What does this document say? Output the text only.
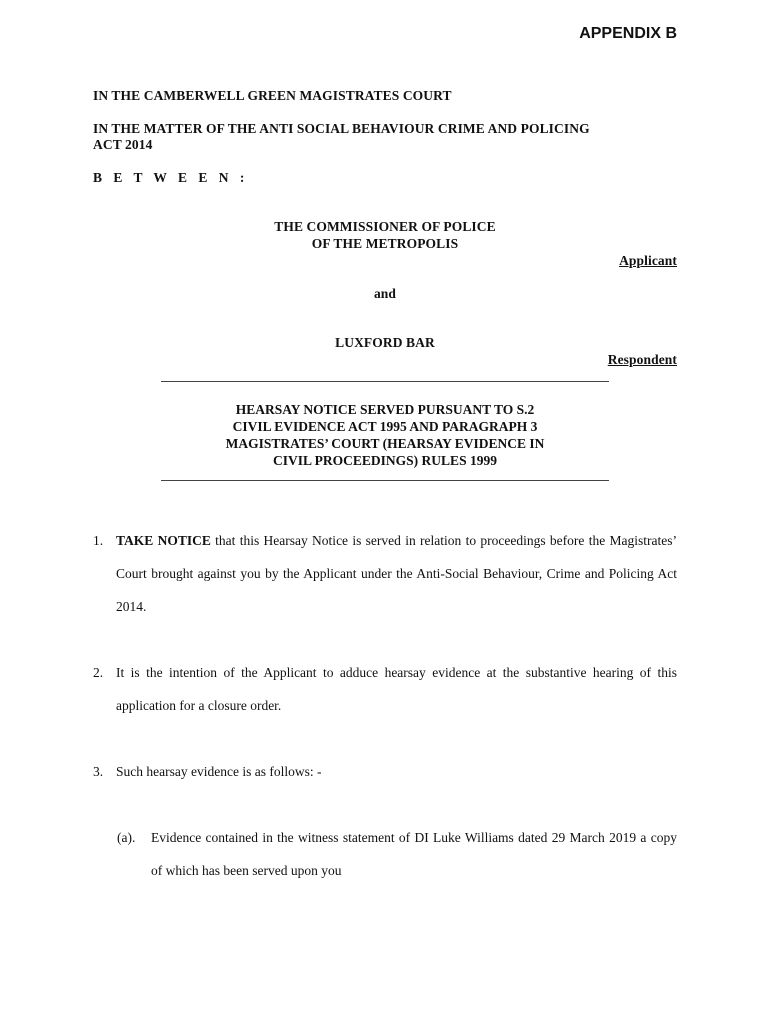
APPENDIX B
IN THE CAMBERWELL GREEN MAGISTRATES COURT
IN THE MATTER OF THE ANTI SOCIAL BEHAVIOUR CRIME AND POLICING
ACT 2014
B E T W E E N :
THE COMMISSIONER OF POLICE
OF THE METROPOLIS
Applicant
and
LUXFORD BAR
Respondent
HEARSAY NOTICE SERVED PURSUANT TO S.2
CIVIL EVIDENCE ACT 1995 AND PARAGRAPH 3
MAGISTRATES’ COURT (HEARSAY EVIDENCE IN
CIVIL PROCEEDINGS) RULES 1999
1. TAKE NOTICE that this Hearsay Notice is served in relation to proceedings before the Magistrates’ Court brought against you by the Applicant under the Anti-Social Behaviour, Crime and Policing Act 2014.
2. It is the intention of the Applicant to adduce hearsay evidence at the substantive hearing of this application for a closure order.
3. Such hearsay evidence is as follows: -
(a). Evidence contained in the witness statement of DI Luke Williams dated 29 March 2019 a copy of which has been served upon you
